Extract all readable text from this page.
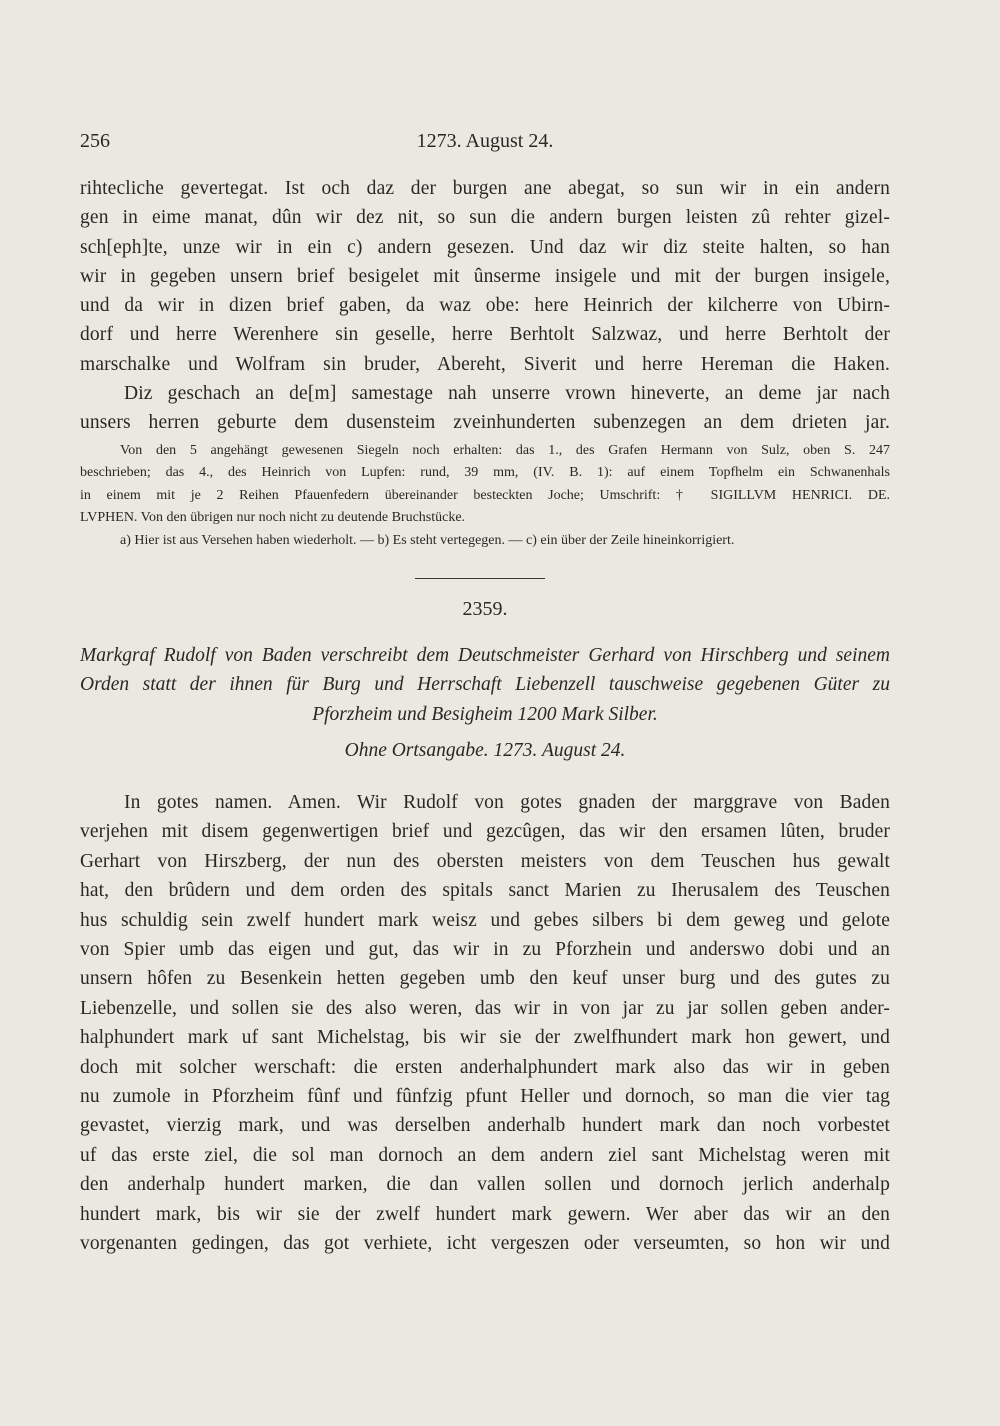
256	1273. August 24.
rihtecliche gevertegat. Ist och daz der burgen ane abegat, so sun wir in ein andern
gen in eime manat, dûn wir dez nit, so sun die andern burgen leisten zû rehter gizel-
sch[eph]te, unze wir in ein c) andern gesezen. Und daz wir diz steite halten, so han
wir in gegeben unsern brief besigelet mit ûnserme insigele und mit der burgen insigele,
und da wir in dizen brief gaben, da waz obe: here Heinrich der kilcherre von Ubirn-
dorf und herre Werenhere sin geselle, herre Berhtolt Salzwaz, und herre Berhtolt der
marschalke und Wolfram sin bruder, Abereht, Siverit und herre Hereman die Haken.
Diz geschach an de[m] samestage nah unserre vrown hineverte, an deme jar nach
unsers herren geburte dem dusensteim zveinhunderten subenzegen an dem drieten jar.
Von den 5 angehängt gewesenen Siegeln noch erhalten: das 1., des Grafen Hermann von Sulz, oben S. 247
beschrieben; das 4., des Heinrich von Lupfen: rund, 39 mm, (IV. B. 1): auf einem Topfhelm ein Schwanenhals
in einem mit je 2 Reihen Pfauenfedern übereinander besteckten Joche; Umschrift: † SIGILLVM HENRICI. DE.
LVPHEN. Von den übrigen nur noch nicht zu deutende Bruchstücke.
a) Hier ist aus Versehen haben wiederholt. — b) Es steht vertegegen. — c) ein über der Zeile hineinkorrigiert.
2359.
Markgraf Rudolf von Baden verschreibt dem Deutschmeister Gerhard von Hirschberg und seinem
Orden statt der ihnen für Burg und Herrschaft Liebenzell tauschweise gegebenen Güter zu
Pforzheim und Besigheim 1200 Mark Silber.
Ohne Ortsangabe. 1273. August 24.
In gotes namen. Amen. Wir Rudolf von gotes gnaden der marggrave von Baden
verjehen mit disem gegenwertigen brief und gezcûgen, das wir den ersamen lûten, bruder
Gerhart von Hirszberg, der nun des obersten meisters von dem Teuschen hus gewalt
hat, den brûdern und dem orden des spitals sanct Marien zu Iherusalem des Teuschen
hus schuldig sein zwelf hundert mark weisz und gebes silbers bi dem geweg und gelote
von Spier umb das eigen und gut, das wir in zu Pforzhein und anderswo dobi und an
unsern hôfen zu Besenkein hetten gegeben umb den keuf unser burg und des gutes zu
Liebenzelle, und sollen sie des also weren, das wir in von jar zu jar sollen geben ander-
halphundert mark uf sant Michelstag, bis wir sie der zwelfhundert mark hon gewert, und
doch mit solcher werschaft: die ersten anderhalphundert mark also das wir in geben
nu zumole in Pforzheim fûnf und fûnfzig pfunt Heller und dornoch, so man die vier tag
gevastet, vierzig mark, und was derselben anderhalb hundert mark dan noch vorbestet
uf das erste ziel, die sol man dornoch an dem andern ziel sant Michelstag weren mit
den anderhalp hundert marken, die dan vallen sollen und dornoch jerlich anderhalp
hundert mark, bis wir sie der zwelf hundert mark gewern. Wer aber das wir an den
vorgenanten gedingen, das got verhiete, icht vergeszen oder verseumten, so hon wir und
